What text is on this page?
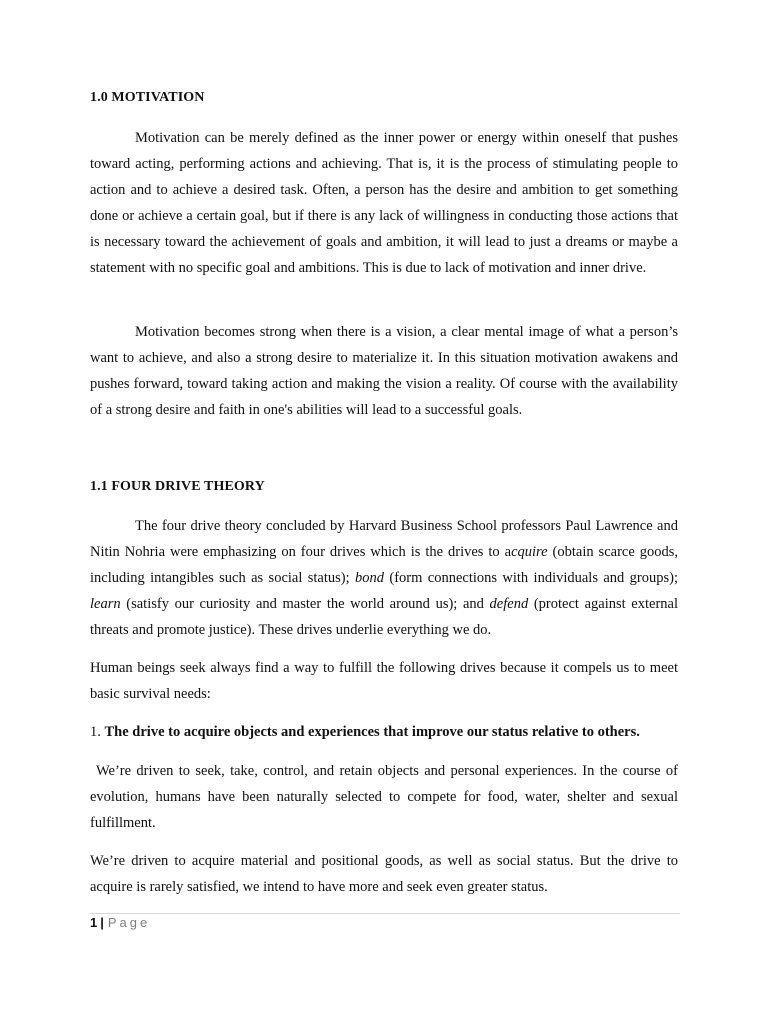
1.0 MOTIVATION

Motivation can be merely defined as the inner power or energy within oneself that pushes toward acting, performing actions and achieving. That is, it is the process of stimulating people to action and to achieve a desired task. Often, a person has the desire and ambition to get something done or achieve a certain goal, but if there is any lack of willingness in conducting those actions that is necessary toward the achievement of goals and ambition, it will lead to just a dreams or maybe a statement with no specific goal and ambitions. This is due to lack of motivation and inner drive.

Motivation becomes strong when there is a vision, a clear mental image of what a person’s want to achieve, and also a strong desire to materialize it. In this situation motivation awakens and pushes forward, toward taking action and making the vision a reality. Of course with the availability of a strong desire and faith in one's abilities will lead to a successful goals.

1.1 FOUR DRIVE THEORY

The four drive theory concluded by Harvard Business School professors Paul Lawrence and Nitin Nohria were emphasizing on four drives which is the drives to acquire (obtain scarce goods, including intangibles such as social status); bond (form connections with individuals and groups); learn (satisfy our curiosity and master the world around us); and defend (protect against external threats and promote justice). These drives underlie everything we do.

Human beings seek always find a way to fulfill the following drives because it compels us to meet basic survival needs:

1. The drive to acquire objects and experiences that improve our status relative to others.

We’re driven to seek, take, control, and retain objects and personal experiences. In the course of evolution, humans have been naturally selected to compete for food, water, shelter and sexual fulfillment.

We’re driven to acquire material and positional goods, as well as social status. But the drive to acquire is rarely satisfied, we intend to have more and seek even greater status.

1 | Page
